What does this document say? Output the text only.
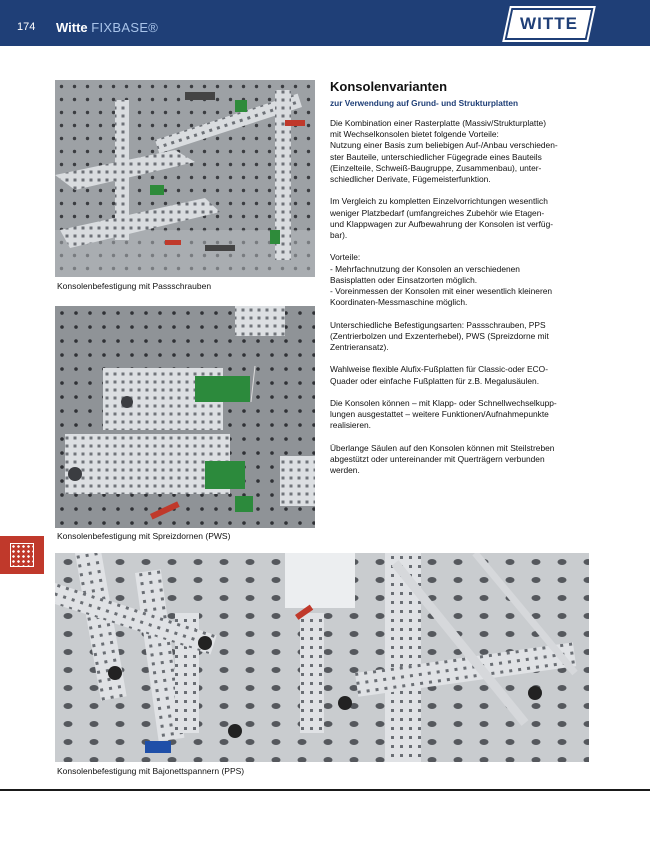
174 Witte FIXBASE®	WITTE
Konsolenbefestigung mit Passschrauben
Konsolenbefestigung mit Spreizdornen (PWS)
Konsolenvarianten
zur Verwendung auf Grund- und Strukturplatten

Die Kombination einer Rasterplatte (Massiv/Strukturplatte)
mit Wechselkonsolen bietet folgende Vorteile:
Nutzung einer Basis zum beliebigen Auf-/Anbau verschieden-
ster Bauteile, unterschiedlicher Fügegrade eines Bauteils
(Einzelteile, Schweiß-Baugruppe, Zusammenbau), unter-
schiedlicher Derivate, Fügemeisterfunktion.

Im Vergleich zu kompletten Einzelvorrichtungen wesentlich
weniger Platzbedarf (umfangreiches Zubehör wie Etagen-
und Klappwagen zur Aufbewahrung der Konsolen ist verfüg-
bar).

Vorteile:
- Mehrfachnutzung der Konsolen an verschiedenen
Basisplatten oder Einsatzorten möglich.
- Voreinmessen der Konsolen mit einer wesentlich kleineren
Koordinaten-Messmaschine möglich.

Unterschiedliche Befestigungsarten: Passschrauben, PPS
(Zentrierbolzen und Exzenterhebel), PWS (Spreizdorne mit
Zentrieransatz).

Wahlweise flexible Alufix-Fußplatten für Classic-oder ECO-
Quader oder einfache Fußplatten für z.B. Megalusäulen.

Die Konsolen können – mit Klapp- oder Schnellwechselkupp-
lungen ausgestattet – weitere Funktionen/Aufnahmepunkte
realisieren.

Überlange Säulen auf den Konsolen können mit Steilstreben
abgestützt oder untereinander mit Querträgern verbunden
werden.

Konsolenbefestigung mit Bajonettspannern (PPS)
